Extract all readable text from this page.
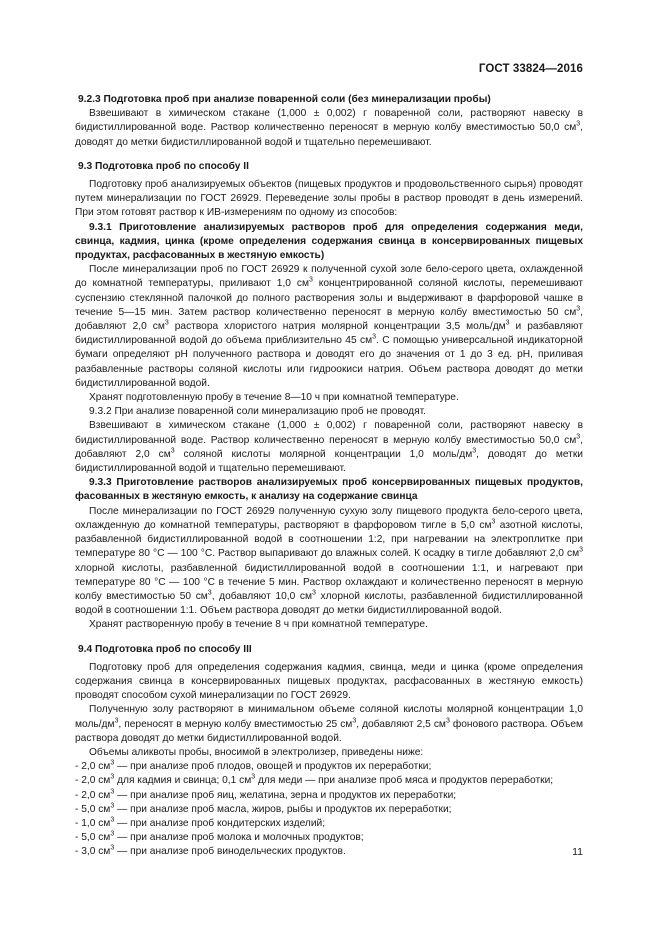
ГОСТ 33824—2016

9.2.3 Подготовка проб при анализе поваренной соли (без минерализации пробы)

Взвешивают в химическом стакане (1,000 ± 0,002) г поваренной соли, растворяют навеску в бидистиллированной воде. Раствор количественно переносят в мерную колбу вместимостью 50,0 $см^3$, доводят до метки бидистиллированной водой и тщательно перемешивают.

9.3 Подготовка проб по способу II

Подготовку проб анализируемых объектов (пищевых продуктов и продовольственного сырья) проводят путем минерализации по ГОСТ 26929. Переведение золы пробы в раствор проводят в день измерений. При этом готовят раствор к ИВ-измерениям по одному из способов:

9.3.1 Приготовление анализируемых растворов проб для определения содержания меди, свинца, кадмия, цинка (кроме определения содержания свинца в консервированных пищевых продуктах, расфасованных в жестяную емкость)

После минерализации проб по ГОСТ 26929 к полученной сухой золе бело-серого цвета, охлажденной до комнатной температуры, приливают 1,0 $см^3$ концентрированной соляной кислоты, перемешивают суспензию стеклянной палочкой до полного растворения золы и выдерживают в фарфоровой чашке в течение 5—15 мин. Затем раствор количественно переносят в мерную колбу вместимостью 50 $см^3$, добавляют 2,0 $см^3$ раствора хлористого натрия молярной концентрации 3,5 моль/$дм^3$ и разбавляют бидистиллированной водой до объема приблизительно 45 $см^3$. С помощью универсальной индикаторной бумаги определяют рН полученного раствора и доводят его до значения от 1 до 3 ед. рН, приливая разбавленные растворы соляной кислоты или гидроокиси натрия. Объем раствора доводят до метки бидистиллированной водой.

Хранят подготовленную пробу в течение 8—10 ч при комнатной температуре.

9.3.2 При анализе поваренной соли минерализацию проб не проводят.

Взвешивают в химическом стакане (1,000 ± 0,002) г поваренной соли, растворяют навеску в бидистиллированной воде. Раствор количественно переносят в мерную колбу вместимостью 50,0 $см^3$, добавляют 2,0 $см^3$ соляной кислоты молярной концентрации 1,0 моль/$дм^3$, доводят до метки бидистиллированной водой и тщательно перемешивают.

9.3.3 Приготовление растворов анализируемых проб консервированных пищевых продуктов, фасованных в жестяную емкость, к анализу на содержание свинца

После минерализации по ГОСТ 26929 полученную сухую золу пищевого продукта бело-серого цвета, охлажденную до комнатной температуры, растворяют в фарфоровом тигле в 5,0 $см^3$ азотной кислоты, разбавленной бидистиллированной водой в соотношении 1:2, при нагревании на электроплитке при температуре 80 °С — 100 °С. Раствор выпаривают до влажных солей. К осадку в тигле добавляют 2,0 $см^3$ хлорной кислоты, разбавленной бидистиллированной водой в соотношении 1:1, и нагревают при температуре 80 °С — 100 °С в течение 5 мин. Раствор охлаждают и количественно переносят в мерную колбу вместимостью 50 $см^3$, добавляют 10,0 $см^3$ хлорной кислоты, разбавленной бидистиллированной водой в соотношении 1:1. Объем раствора доводят до метки бидистиллированной водой.

Хранят растворенную пробу в течение 8 ч при комнатной температуре.

9.4 Подготовка проб по способу III

Подготовку проб для определения содержания кадмия, свинца, меди и цинка (кроме определения содержания свинца в консервированных пищевых продуктах, расфасованных в жестяную емкость) проводят способом сухой минерализации по ГОСТ 26929.

Полученную золу растворяют в минимальном объеме соляной кислоты молярной концентрации 1,0 моль/$дм^3$, переносят в мерную колбу вместимостью 25 $см^3$, добавляют 2,5 $см^3$ фонового раствора. Объем раствора доводят до метки бидистиллированной водой.

Объемы аликвоты пробы, вносимой в электролизер, приведены ниже:

- 2,0 $см^3$ — при анализе проб плодов, овощей и продуктов их переработки;

- 2,0 $см^3$ для кадмия и свинца; 0,1 $см^3$ для меди — при анализе проб мяса и продуктов переработки;

- 2,0 $см^3$ — при анализе проб яиц, желатина, зерна и продуктов их переработки;

- 5,0 $см^3$ — при анализе проб масла, жиров, рыбы и продуктов их переработки;

- 1,0 $см^3$ — при анализе проб кондитерских изделий;

- 5,0 $см^3$ — при анализе проб молока и молочных продуктов;

- 3,0 $см^3$ — при анализе проб винодельческих продуктов.	11
